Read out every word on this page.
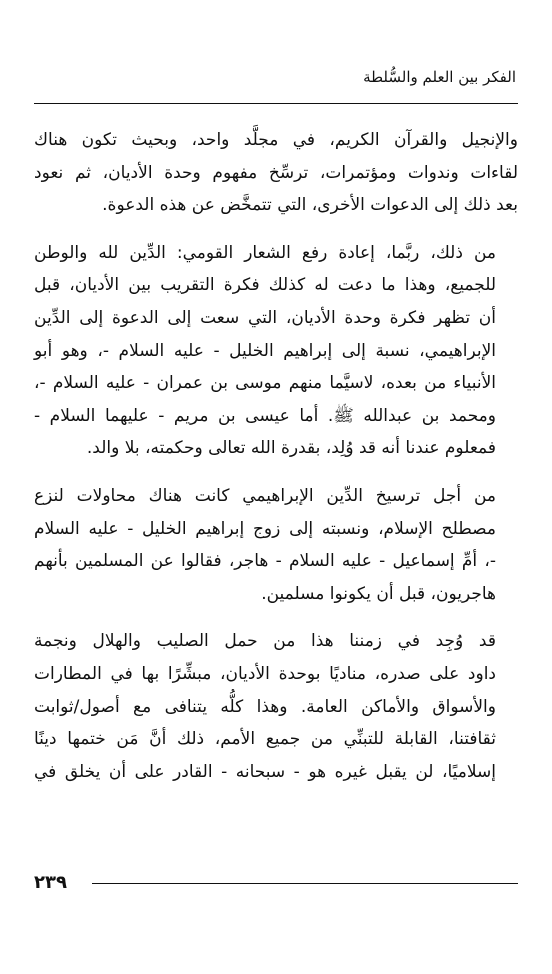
الفكر بين العلم والسُّلطة
والإنجيل والقرآن الكريم، في مجلَّد واحد، وبحيث تكون هناك
لقاءات وندوات ومؤتمرات، ترسِّخ مفهوم وحدة الأديان، ثم نعود
بعد ذلك إلى الدعوات الأخرى، التي تتمخَّض عن هذه الدعوة.
من ذلك، ربَّما، إعادة رفع الشعار القومي: الدِّين لله والوطن
للجميع، وهذا ما دعت له كذلك فكرة التقريب بين الأديان، قبل
أن تظهر فكرة وحدة الأديان، التي سعت إلى الدعوة إلى الدِّين
الإبراهيمي، نسبة إلى إبراهيم الخليل - عليه السلام -، وهو أبو
الأنبياء من بعده، لاسيَّما منهم موسى بن عمران - عليه السلام -،
ومحمد بن عبدالله ﷺ. أما عيسى بن مريم - عليهما السلام -
فمعلوم عندنا أنه قد وُلِد، بقدرة الله تعالى وحكمته، بلا والد.
من أجل ترسيخ الدِّين الإبراهيمي كانت هناك محاولات لنزع
مصطلح الإسلام، ونسبته إلى زوج إبراهيم الخليل - عليه السلام
-، أمِّ إسماعيل - عليه السلام - هاجر، فقالوا عن المسلمين بأنهم
هاجريون، قبل أن يكونوا مسلمين.
قد وُجِد في زمننا هذا من حمل الصليب والهلال ونجمة
داود على صدره، مناديًا بوحدة الأديان، مبشِّرًا بها في المطارات
والأسواق والأماكن العامة. وهذا كلُّه يتنافى مع أصول/ثوابت
ثقافتنا، القابلة للتبنِّي من جميع الأمم، ذلك أنَّ مَن ختمها دينًا
إسلاميًا، لن يقبل غيره هو - سبحانه - القادر على أن يخلق في
٢٣٩
